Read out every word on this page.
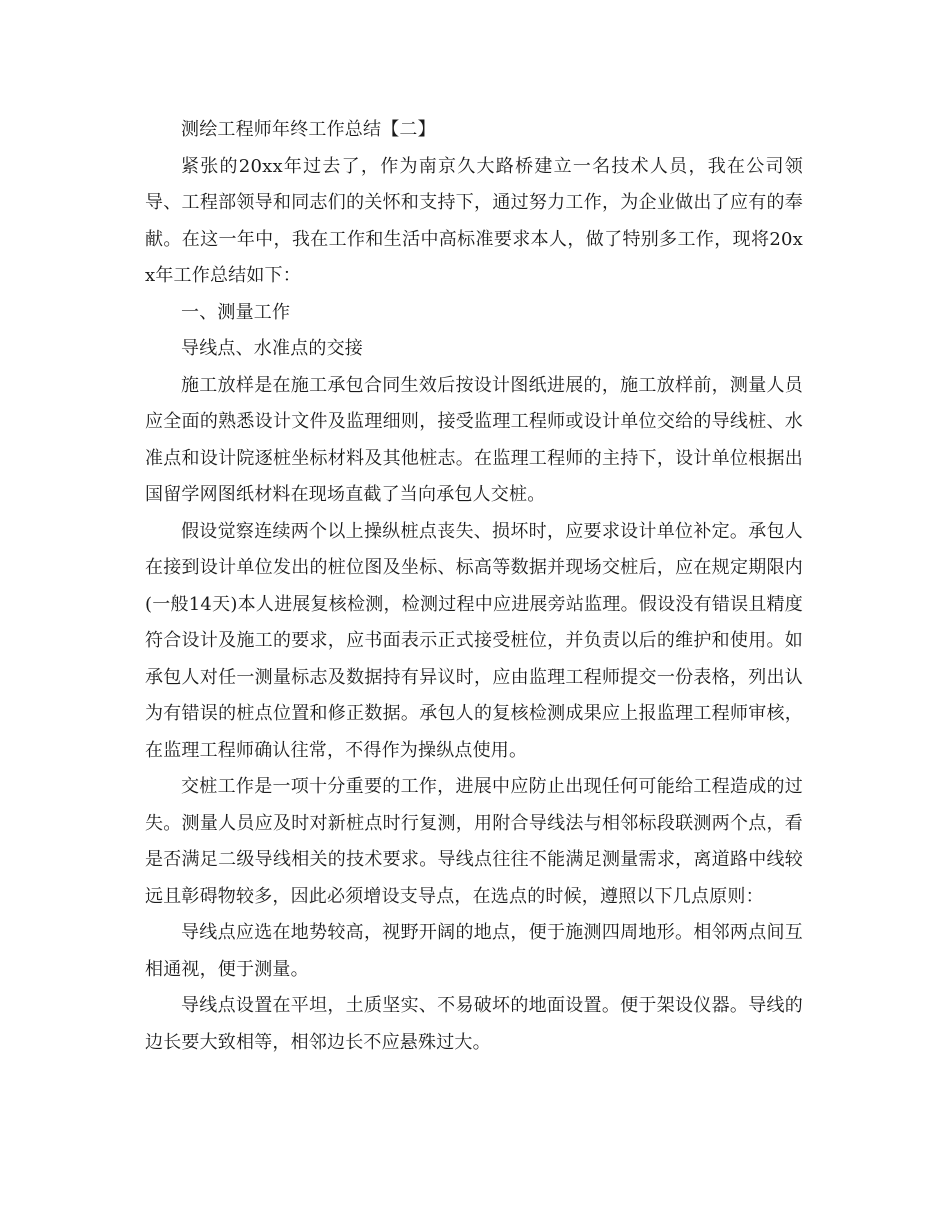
测绘工程师年终工作总结【二】

紧张的20xx年过去了，作为南京久大路桥建立一名技术人员，我在公司领导、工程部领导和同志们的关怀和支持下，通过努力工作，为企业做出了应有的奉献。在这一年中，我在工作和生活中高标准要求本人，做了特别多工作，现将20xx年工作总结如下：

一、测量工作

导线点、水准点的交接

施工放样是在施工承包合同生效后按设计图纸进展的，施工放样前，测量人员应全面的熟悉设计文件及监理细则，接受监理工程师或设计单位交给的导线桩、水准点和设计院逐桩坐标材料及其他桩志。在监理工程师的主持下，设计单位根据出国留学网图纸材料在现场直截了当向承包人交桩。

假设觉察连续两个以上操纵桩点丧失、损坏时，应要求设计单位补定。承包人在接到设计单位发出的桩位图及坐标、标高等数据并现场交桩后，应在规定期限内(一般14天)本人进展复核检测，检测过程中应进展旁站监理。假设没有错误且精度符合设计及施工的要求，应书面表示正式接受桩位，并负责以后的维护和使用。如承包人对任一测量标志及数据持有异议时，应由监理工程师提交一份表格，列出认为有错误的桩点位置和修正数据。承包人的复核检测成果应上报监理工程师审核，在监理工程师确认往常，不得作为操纵点使用。

交桩工作是一项十分重要的工作，进展中应防止出现任何可能给工程造成的过失。测量人员应及时对新桩点时行复测，用附合导线法与相邻标段联测两个点，看是否满足二级导线相关的技术要求。导线点往往不能满足测量需求，离道路中线较远且彰碍物较多，因此必须增设支导点，在选点的时候，遵照以下几点原则：

导线点应选在地势较高，视野开阔的地点，便于施测四周地形。相邻两点间互相通视，便于测量。

导线点设置在平坦，土质坚实、不易破坏的地面设置。便于架设仪器。导线的边长要大致相等，相邻边长不应悬殊过大。
